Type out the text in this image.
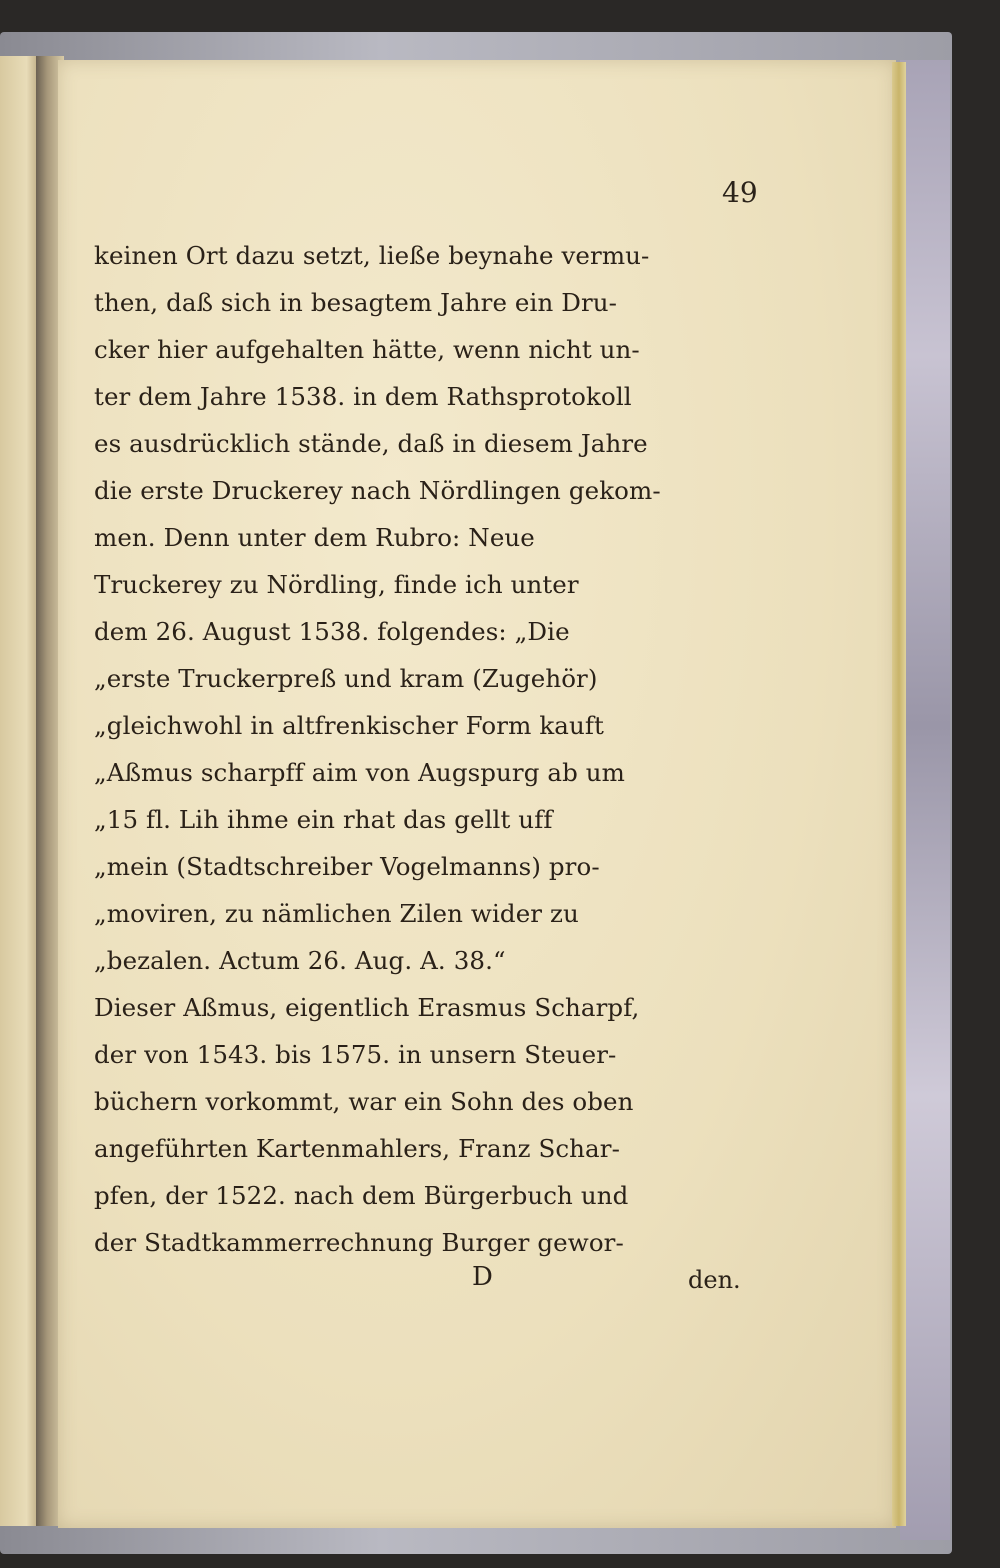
49
keinen Ort dazu setzt, ließe beynahe vermu-
then, daß sich in besagtem Jahre ein Dru-
cker hier aufgehalten hätte, wenn nicht un-
ter dem Jahre 1538. in dem Rathsprotokoll
es ausdrücklich stände, daß in diesem Jahre
die erste Druckerey nach Nördlingen gekom-
men. Denn unter dem Rubro: Neue
Truckerey zu Nördling, finde ich unter
dem 26. August 1538. folgendes: „Die
„erste Truckerpreß und kram (Zugehör)
„gleichwohl in altfrenkischer Form kauft
„Aßmus scharpff aim von Augspurg ab um
„15 fl. Lih ihme ein rhat das gellt uff
„mein (Stadtschreiber Vogelmanns) pro-
„moviren, zu nämlichen Zilen wider zu
„bezalen. Actum 26. Aug. A. 38.“
Dieser Aßmus, eigentlich Erasmus Scharpf,
der von 1543. bis 1575. in unsern Steuer-
büchern vorkommt, war ein Sohn des oben
angeführten Kartenmahlers, Franz Schar-
pfen, der 1522. nach dem Bürgerbuch und
der Stadtkammerrechnung Burger gewor-
D	den.
